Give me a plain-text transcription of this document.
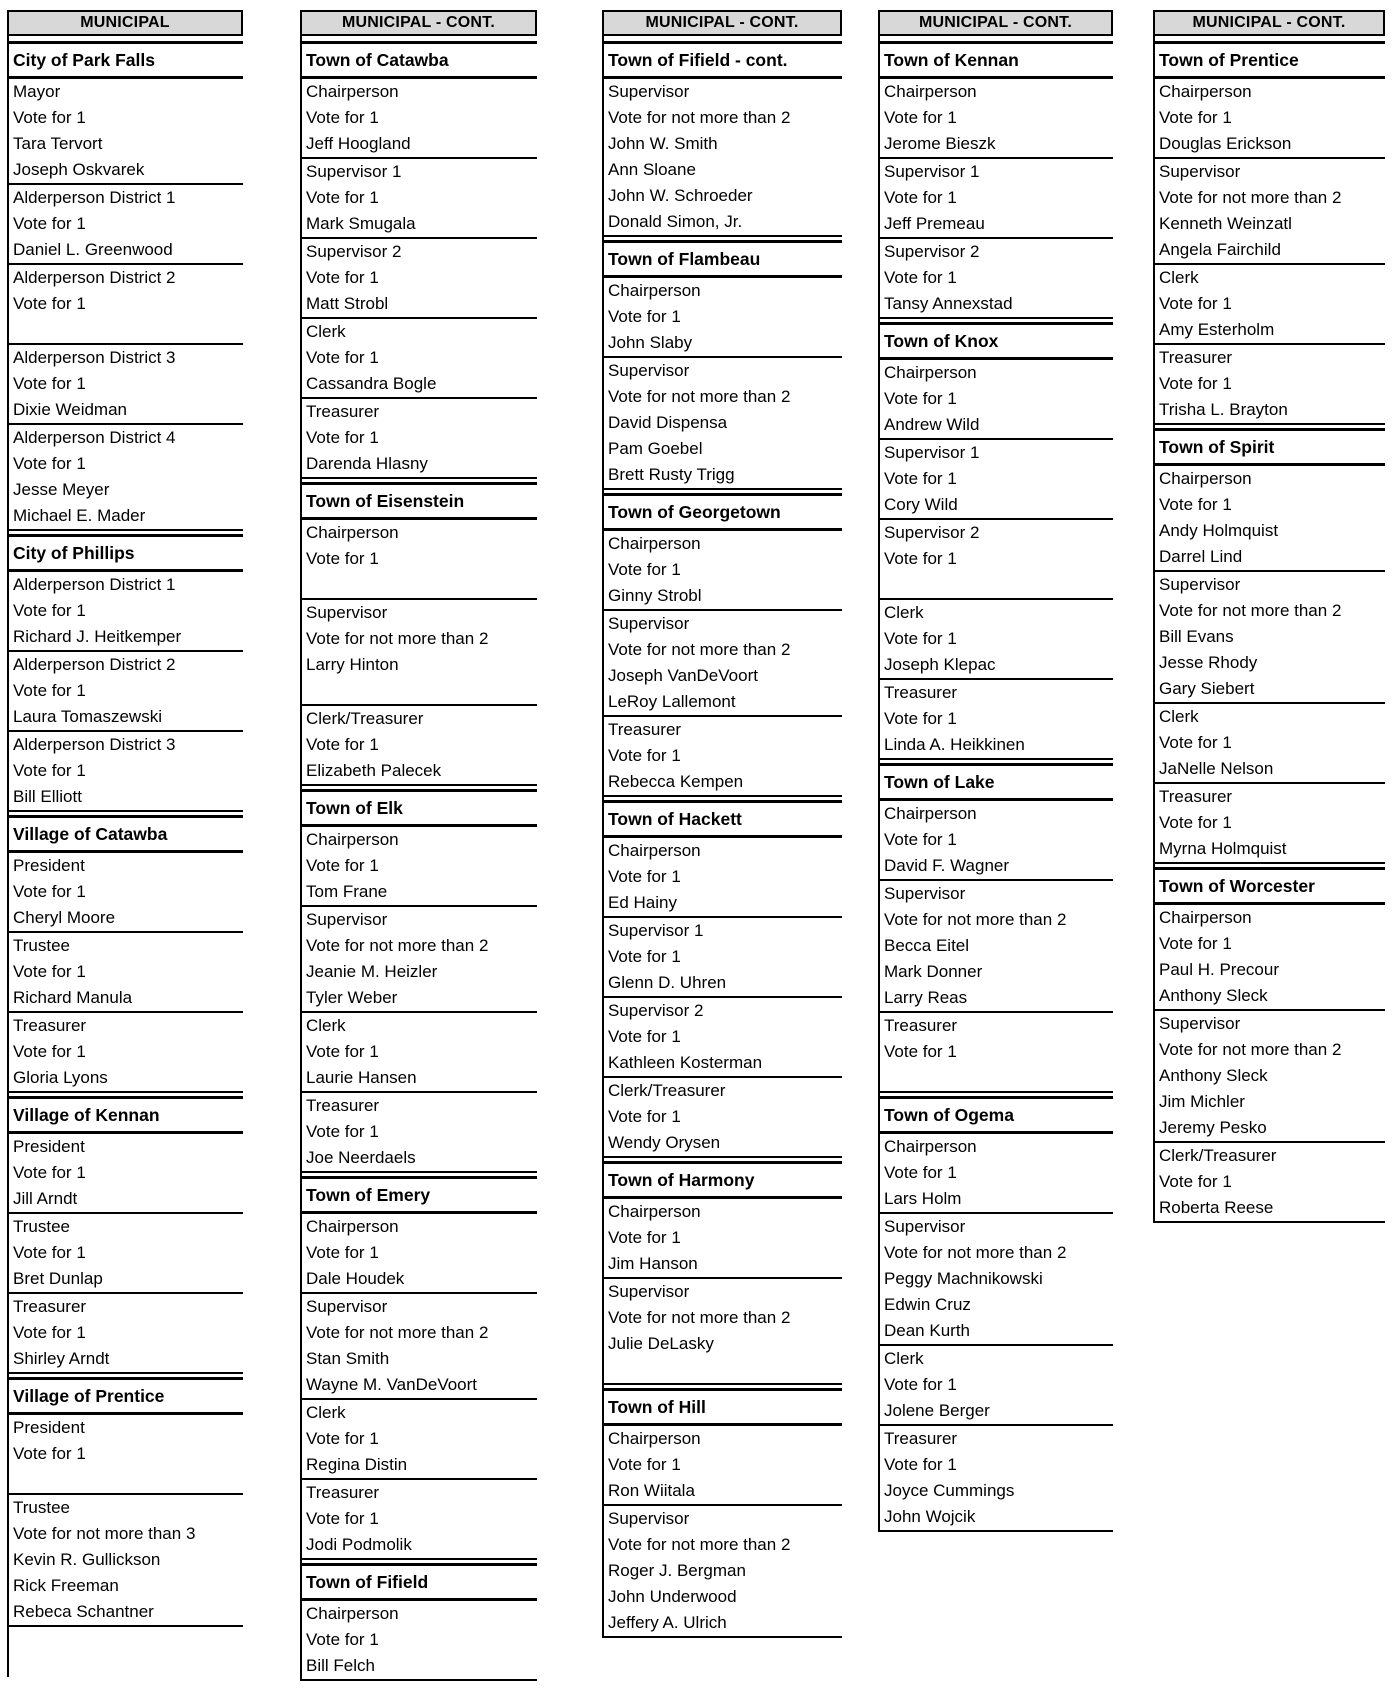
MUNICIPAL
City of Park Falls
Mayor
Vote for 1
Tara Tervort
Joseph Oskvarek
Alderperson District 1
Vote for 1
Daniel L. Greenwood
Alderperson District 2
Vote for 1
Alderperson District 3
Vote for 1
Dixie Weidman
Alderperson District 4
Vote for 1
Jesse Meyer
Michael E. Mader
City of Phillips
Alderperson District 1
Vote for 1
Richard J. Heitkemper
Alderperson District 2
Vote for 1
Laura Tomaszewski
Alderperson District 3
Vote for 1
Bill Elliott
Village of Catawba
President
Vote for 1
Cheryl Moore
Trustee
Vote for 1
Richard Manula
Treasurer
Vote for 1
Gloria Lyons
Village of Kennan
President
Vote for 1
Jill Arndt
Trustee
Vote for 1
Bret Dunlap
Treasurer
Vote for 1
Shirley Arndt
Village of Prentice
President
Vote for 1
Trustee
Vote for not more than 3
Kevin R. Gullickson
Rick Freeman
Rebeca Schantner
MUNICIPAL - CONT.
Town of Catawba
Chairperson
Vote for 1
Jeff Hoogland
Supervisor 1
Vote for 1
Mark Smugala
Supervisor 2
Vote for 1
Matt Strobl
Clerk
Vote for 1
Cassandra Bogle
Treasurer
Vote for 1
Darenda Hlasny
Town of Eisenstein
Chairperson
Vote for 1
Supervisor
Vote for not more than 2
Larry Hinton
Clerk/Treasurer
Vote for 1
Elizabeth Palecek
Town of Elk
Chairperson
Vote for 1
Tom Frane
Supervisor
Vote for not more than 2
Jeanie M. Heizler
Tyler Weber
Clerk
Vote for 1
Laurie Hansen
Treasurer
Vote for 1
Joe Neerdaels
Town of Emery
Chairperson
Vote for 1
Dale Houdek
Supervisor
Vote for not more than 2
Stan Smith
Wayne M. VanDeVoort
Clerk
Vote for 1
Regina Distin
Treasurer
Vote for 1
Jodi Podmolik
Town of Fifield
Chairperson
Vote for 1
Bill Felch
MUNICIPAL - CONT.
Town of Fifield - cont.
Supervisor
Vote for not more than 2
John W. Smith
Ann Sloane
John W. Schroeder
Donald Simon, Jr.
Town of Flambeau
Chairperson
Vote for 1
John Slaby
Supervisor
Vote for not more than 2
David Dispensa
Pam Goebel
Brett Rusty Trigg
Town of Georgetown
Chairperson
Vote for 1
Ginny Strobl
Supervisor
Vote for not more than 2
Joseph VanDeVoort
LeRoy Lallemont
Treasurer
Vote for 1
Rebecca Kempen
Town of Hackett
Chairperson
Vote for 1
Ed Hainy
Supervisor 1
Vote for 1
Glenn D. Uhren
Supervisor 2
Vote for 1
Kathleen Kosterman
Clerk/Treasurer
Vote for 1
Wendy Orysen
Town of Harmony
Chairperson
Vote for 1
Jim Hanson
Supervisor
Vote for not more than 2
Julie DeLasky
Town of Hill
Chairperson
Vote for 1
Ron Wiitala
Supervisor
Vote for not more than 2
Roger J. Bergman
John Underwood
Jeffery A. Ulrich
MUNICIPAL - CONT.
Town of Kennan
Chairperson
Vote for 1
Jerome Bieszk
Supervisor 1
Vote for 1
Jeff Premeau
Supervisor 2
Vote for 1
Tansy Annexstad
Town of Knox
Chairperson
Vote for 1
Andrew Wild
Supervisor 1
Vote for 1
Cory Wild
Supervisor 2
Vote for 1
Clerk
Vote for 1
Joseph Klepac
Treasurer
Vote for 1
Linda A. Heikkinen
Town of Lake
Chairperson
Vote for 1
David F. Wagner
Supervisor
Vote for not more than 2
Becca Eitel
Mark Donner
Larry Reas
Treasurer
Vote for 1
Town of Ogema
Chairperson
Vote for 1
Lars Holm
Supervisor
Vote for not more than 2
Peggy Machnikowski
Edwin Cruz
Dean Kurth
Clerk
Vote for 1
Jolene Berger
Treasurer
Vote for 1
Joyce Cummings
John Wojcik
MUNICIPAL - CONT.
Town of Prentice
Chairperson
Vote for 1
Douglas Erickson
Supervisor
Vote for not more than 2
Kenneth Weinzatl
Angela Fairchild
Clerk
Vote for 1
Amy Esterholm
Treasurer
Vote for 1
Trisha L. Brayton
Town of Spirit
Chairperson
Vote for 1
Andy Holmquist
Darrel Lind
Supervisor
Vote for not more than 2
Bill Evans
Jesse Rhody
Gary Siebert
Clerk
Vote for 1
JaNelle Nelson
Treasurer
Vote for 1
Myrna Holmquist
Town of Worcester
Chairperson
Vote for 1
Paul H. Precour
Anthony Sleck
Supervisor
Vote for not more than 2
Anthony Sleck
Jim Michler
Jeremy Pesko
Clerk/Treasurer
Vote for 1
Roberta Reese
